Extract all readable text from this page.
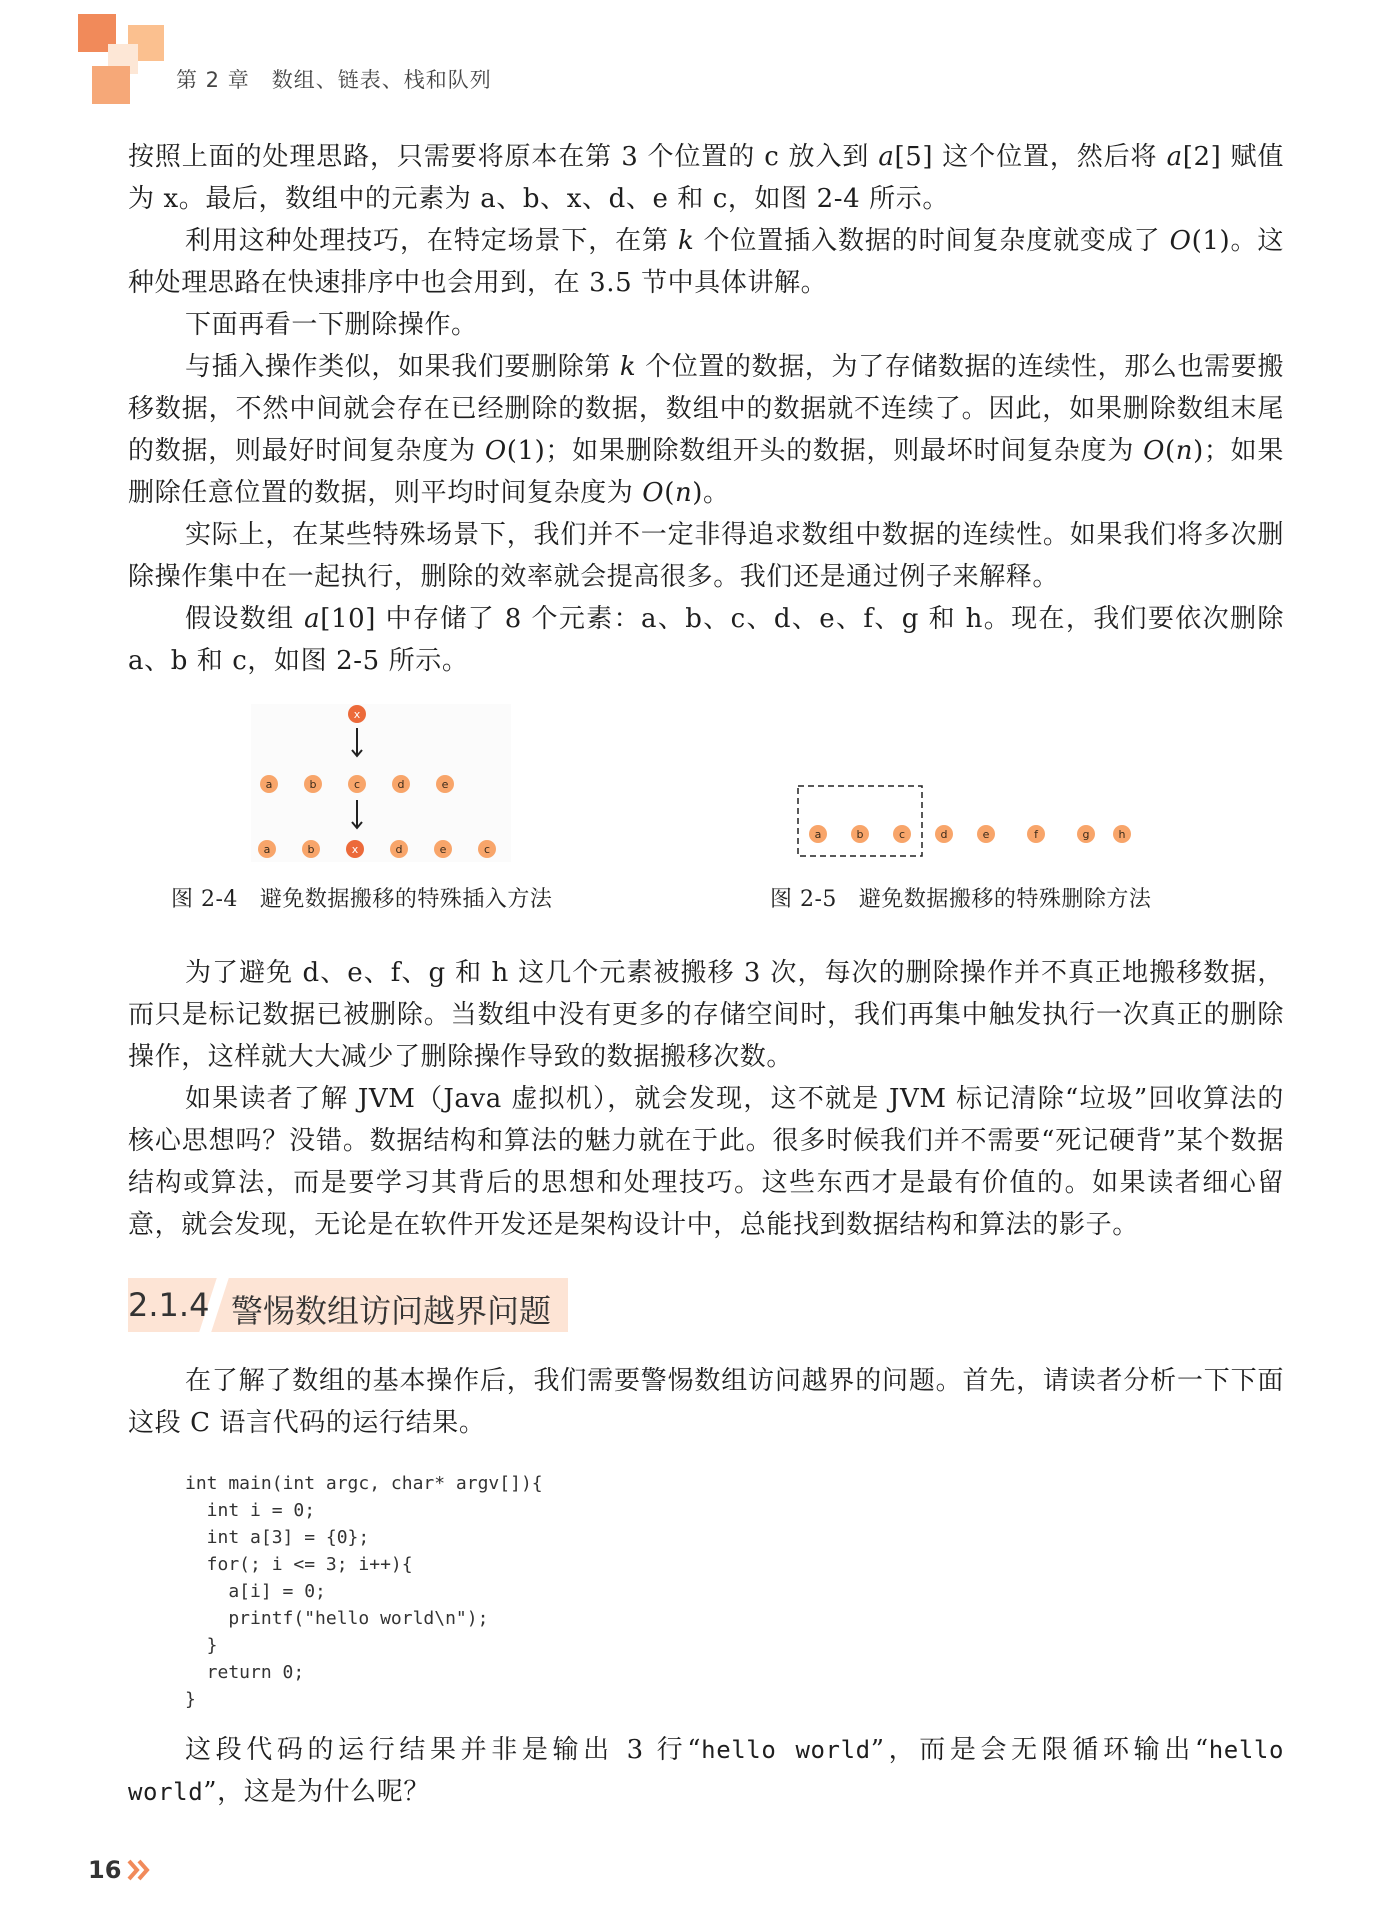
第 2 章 数组、链表、栈和队列

按照上面的处理思路，只需要将原本在第 3 个位置的 c 放入到 a[5] 这个位置，然后将 a[2] 赋值为 x。最后，数组中的元素为 a、b、x、d、e 和 c，如图 2-4 所示。

利用这种处理技巧，在特定场景下，在第 k 个位置插入数据的时间复杂度就变成了 O(1)。这种处理思路在快速排序中也会用到，在 3.5 节中具体讲解。

下面再看一下删除操作。

与插入操作类似，如果我们要删除第 k 个位置的数据，为了存储数据的连续性，那么也需要搬移数据，不然中间就会存在已经删除的数据，数组中的数据就不连续了。因此，如果删除数组末尾的数据，则最好时间复杂度为 O(1)；如果删除数组开头的数据，则最坏时间复杂度为 O(n)；如果删除任意位置的数据，则平均时间复杂度为 O(n)。

实际上，在某些特殊场景下，我们并不一定非得追求数组中数据的连续性。如果我们将多次删除操作集中在一起执行，删除的效率就会提高很多。我们还是通过例子来解释。

假设数组 a[10] 中存储了 8 个元素：a、b、c、d、e、f、g 和 h。现在，我们要依次删除 a、b 和 c，如图 2-5 所示。

x
a	b	c	d	e
a	b	x	d	e	c
图 2-4 避免数据搬移的特殊插入方法
a	b	c	d	e	f	g	h
图 2-5 避免数据搬移的特殊删除方法

为了避免 d、e、f、g 和 h 这几个元素被搬移 3 次，每次的删除操作并不真正地搬移数据，而只是标记数据已被删除。当数组中没有更多的存储空间时，我们再集中触发执行一次真正的删除操作，这样就大大减少了删除操作导致的数据搬移次数。

如果读者了解 JVM（Java 虚拟机），就会发现，这不就是 JVM 标记清除“垃圾”回收算法的核心思想吗？没错。数据结构和算法的魅力就在于此。很多时候我们并不需要“死记硬背”某个数据结构或算法，而是要学习其背后的思想和处理技巧。这些东西才是最有价值的。如果读者细心留意，就会发现，无论是在软件开发还是架构设计中，总能找到数据结构和算法的影子。

2.1.4 警惕数组访问越界问题

在了解了数组的基本操作后，我们需要警惕数组访问越界的问题。首先，请读者分析一下下面这段 C 语言代码的运行结果。

int main(int argc, char* argv[]){
int i = 0;
int a[3] = {0};
for(; i <= 3; i++){
a[i] = 0;
printf("hello world\n");
}
return 0;
}

这段代码的运行结果并非是输出 3 行“hello world”，而是会无限循环输出“hello world”，这是为什么呢？

16
